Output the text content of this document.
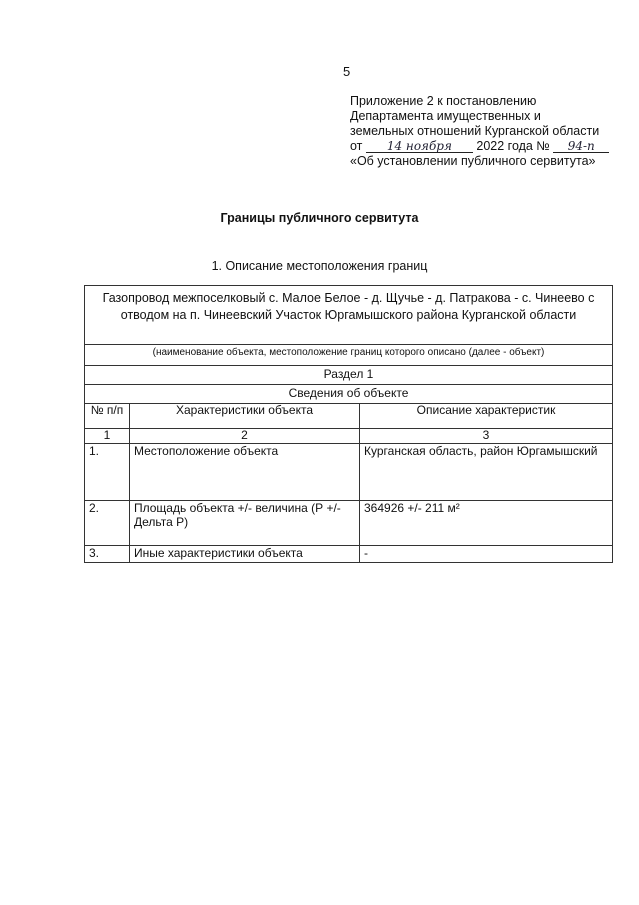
5
Приложение 2 к постановлению
Департамента имущественных и
земельных отношений Курганской области
от 14 ноября 2022 года № 94-п
«Об установлении публичного сервитута»
Границы публичного сервитута
1. Описание местоположения границ
Газопровод межпоселковый с. Малое Белое - д. Щучье - д. Патракова - с. Чинеево с отводом на п. Чинеевский Участок Юргамышского района Курганской области		
(наименование объекта, местоположение границ которого описано (далее - объект)		
Раздел 1		
Сведения об объекте		
№ п/п	Характеристики объекта	Описание характеристик
1	2	3
1.	Местоположение объекта	Курганская область, район Юргамышский
2.	Площадь объекта +/- величина (Р +/- Дельта Р)	364926 +/- 211 м²
3.	Иные характеристики объекта	-
